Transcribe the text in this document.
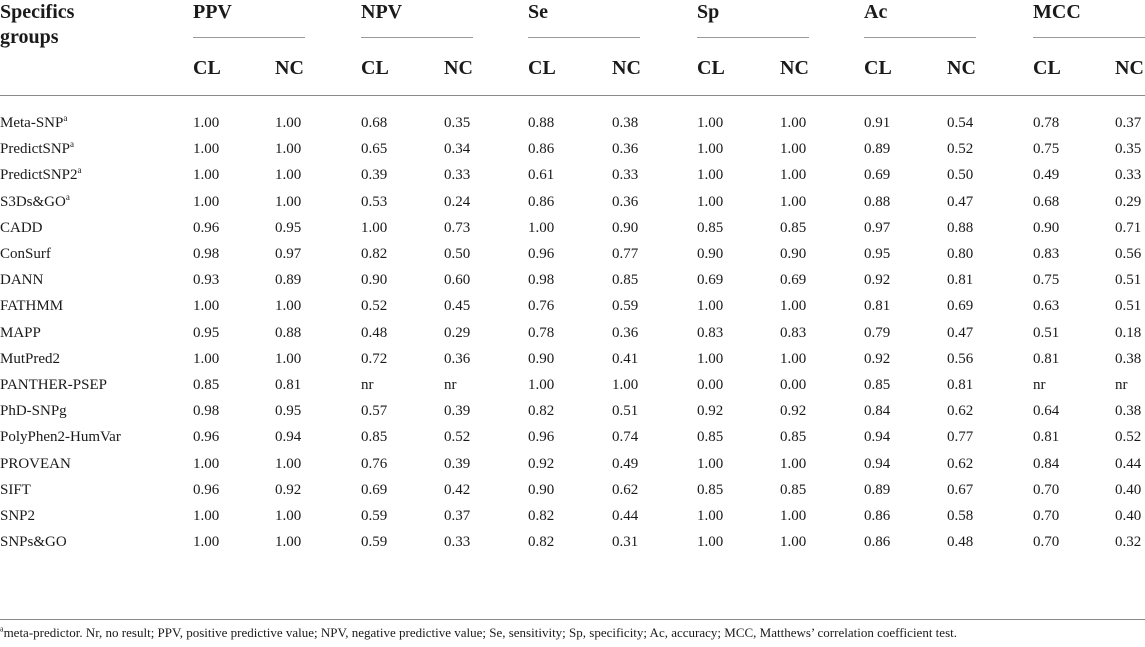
Specifics
groups
PPV	NPV	Se	Sp	Ac	MCC
CL	NC	CL	NC	CL	NC	CL	NC	CL	NC	CL	NC
Meta-SNP$^a$	1.00	1.00	0.68	0.35	0.88	0.38	1.00	1.00	0.91	0.54	0.78	0.37
PredictSNP$^a$	1.00	1.00	0.65	0.34	0.86	0.36	1.00	1.00	0.89	0.52	0.75	0.35
PredictSNP2$^a$	1.00	1.00	0.39	0.33	0.61	0.33	1.00	1.00	0.69	0.50	0.49	0.33
$S3Ds\&GO^a$	1.00	1.00	0.53	0.24	0.86	0.36	1.00	1.00	0.88	0.47	0.68	0.29
CADD	0.96	0.95	1.00	0.73	1.00	0.90	0.85	0.85	0.97	0.88	0.90	0.71
ConSurf	0.98	0.97	0.82	0.50	0.96	0.77	0.90	0.90	0.95	0.80	0.83	0.56
DANN	0.93	0.89	0.90	0.60	0.98	0.85	0.69	0.69	0.92	0.81	0.75	0.51
FATHMM	1.00	1.00	0.52	0.45	0.76	0.59	1.00	1.00	0.81	0.69	0.63	0.51
MAPP	0.95	0.88	0.48	0.29	0.78	0.36	0.83	0.83	0.79	0.47	0.51	0.18
MutPred2	1.00	1.00	0.72	0.36	0.90	0.41	1.00	1.00	0.92	0.56	0.81	0.38
PANTHER-PSEP	0.85	0.81	nr	nr	1.00	1.00	0.00	0.00	0.85	0.81	nr	nr
PhD-SNPg	0.98	0.95	0.57	0.39	0.82	0.51	0.92	0.92	0.84	0.62	0.64	0.38
PolyPhen2-HumVar	0.96	0.94	0.85	0.52	0.96	0.74	0.85	0.85	0.94	0.77	0.81	0.52
PROVEAN	1.00	1.00	0.76	0.39	0.92	0.49	1.00	1.00	0.94	0.62	0.84	0.44
SIFT	0.96	0.92	0.69	0.42	0.90	0.62	0.85	0.85	0.89	0.67	0.70	0.40
SNP2	1.00	1.00	0.59	0.37	0.82	0.44	1.00	1.00	0.86	0.58	0.70	0.40
SNPs&GO	1.00	1.00	0.59	0.33	0.82	0.31	1.00	1.00	0.86	0.48	0.70	0.32
$^a$meta-predictor. Nr, no result; PPV, positive predictive value; NPV, negative predictive value; Se, sensitivity; Sp, specificity; Ac, accuracy; MCC, Matthews’ correlation coefficient test.
